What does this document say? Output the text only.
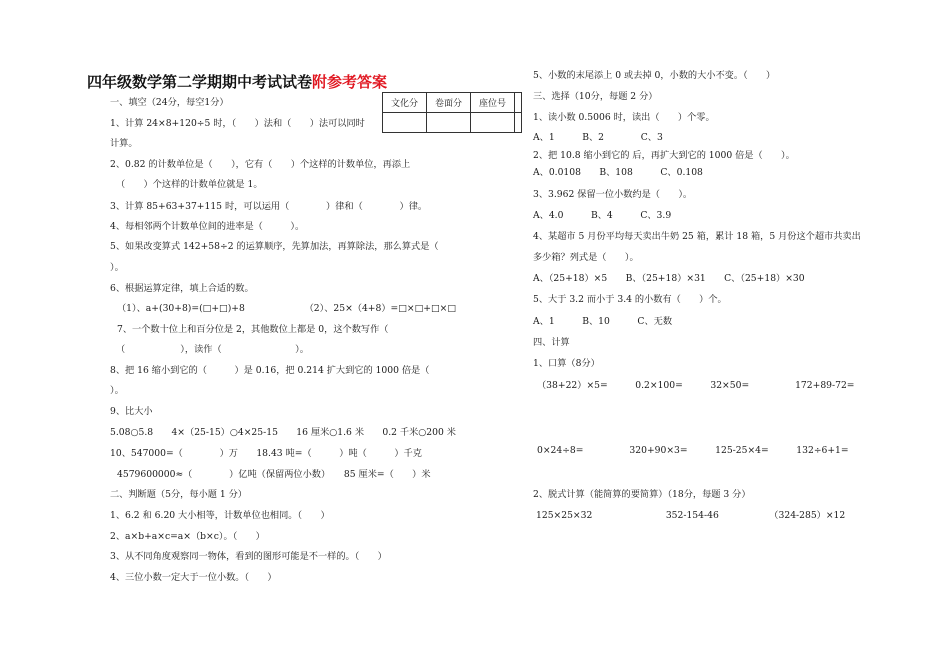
四年级数学第二学期期中考试试卷附参考答案
文化分	卷面分	座位号	

一、填空（24分，每空1分）
1、计算 24×8+120÷5 时，（　　）法和（　　）法可以同时
计算。
2、0.82 的计数单位是（　　），它有（　　）个这样的计数单位，再添上
（　　）个这样的计数单位就是 1。
3、计算 85+63+37+115 时，可以运用（　　　　）律和（　　　　）律。
4、每相邻两个计数单位间的进率是（　　　）。
5、如果改变算式 142+58÷2 的运算顺序，先算加法，再算除法，那么算式是（
）。
6、根据运算定律，填上合适的数。
（1）、a+(30+8)=(□+□)+8　　　　　　　（2）、25×（4+8）=□×□+□×□
7、一个数十位上和百分位是 2，其他数位上都是 0，这个数写作（
（　　　　　　），读作（　　　　　　　　）。
8、把 16 缩小到它的（　　　）是 0.16，把 0.214 扩大到它的 1000 倍是（
）。
9、比大小
5.08○5.8　　4×（25-15）○4×25-15　　16 厘米○1.6 米　　0.2 千米○200 米
10、547000=（　　　　）万　　18.43 吨=（　　　）吨（　　　）千克
4579600000≈（　　　　）亿吨（保留两位小数）　　85 厘米=（　　）米
二、判断题（5分，每小题 1 分）
1、6.2 和 6.20 大小相等，计数单位也相同。（　　）
2、a×b+a×c=a×（b×c）。（　　）
3、从不同角度观察同一物体，看到的图形可能是不一样的。（　　）
4、三位小数一定大于一位小数。（　　）
5、小数的末尾添上 0 或去掉 0，小数的大小不变。（　　）
三、选择（10分，每题 2 分）
1、读小数 0.5006 时，读出（　　）个零。
A、1　　　B、2　　　　C、3
2、把 10.8 缩小到它的 后，再扩大到它的 1000 倍是（　　）。
A、0.0108　　B、108　　　C、0.108
3、3.962 保留一位小数约是（　　）。
A、4.0　　　B、4　　　C、3.9
4、某超市 5 月份平均每天卖出牛奶 25 箱，累计 18 箱，5 月份这个超市共卖出
多少箱？列式是（　　）。
A、（25+18）×5　　B、（25+18）×31　　C、（25+18）×30
5、大于 3.2 而小于 3.4 的小数有（　　）个。
A、1　　　B、10　　　C、无数
四、计算
1、口算（8分）
（38+22）×5=　　　0.2×100=　　　32×50=　　　　　172+89-72=
0×24÷8=　　　　　320+90×3=　　　125-25×4=　　　132÷6+1=
2、脱式计算（能简算的要简算）（18分，每题 3 分）
125×25×32　　　　　　　　352-154-46　　　　　　（324-285）×12
